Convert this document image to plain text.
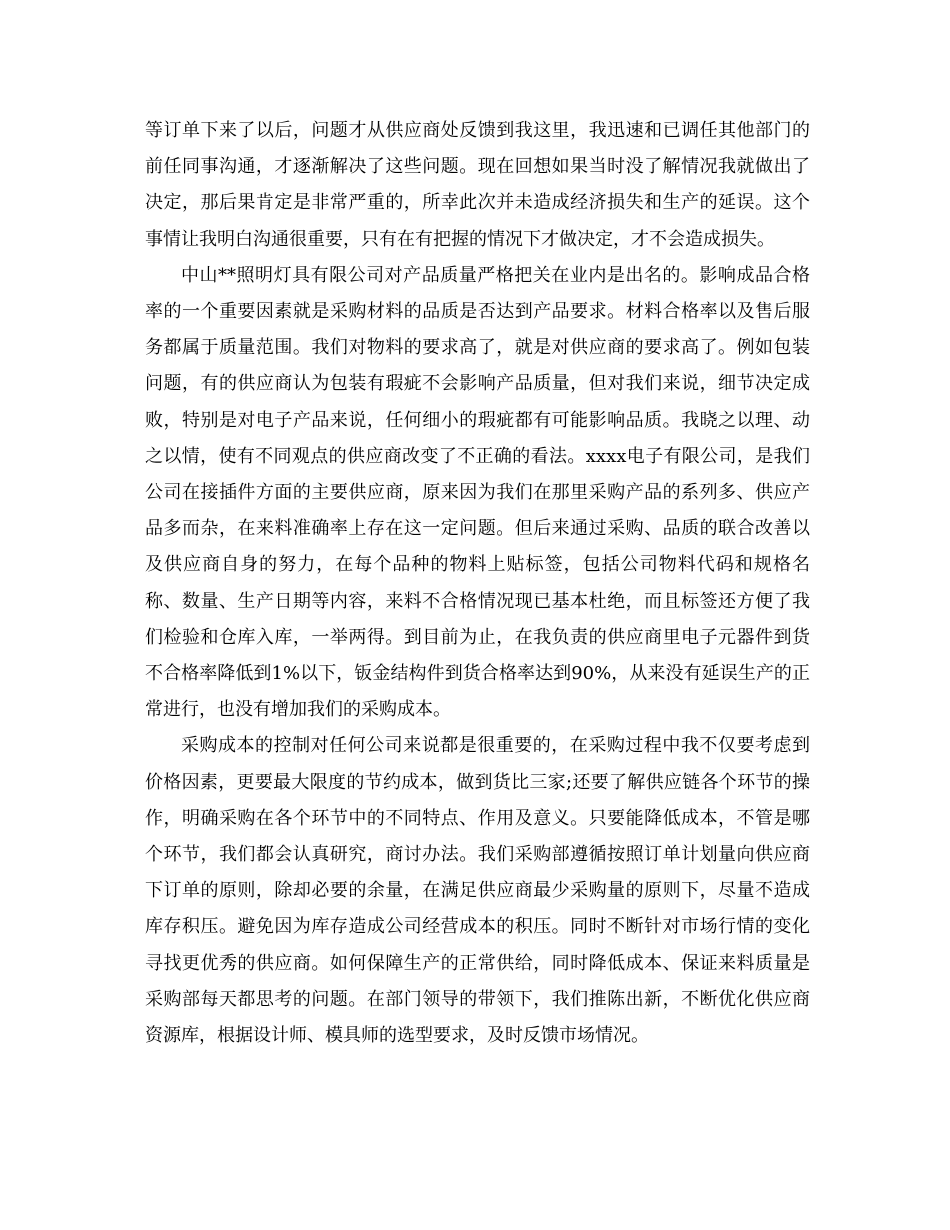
等订单下来了以后，问题才从供应商处反馈到我这里，我迅速和已调任其他部门的前任同事沟通，才逐渐解决了这些问题。现在回想如果当时没了解情况我就做出了决定，那后果肯定是非常严重的，所幸此次并未造成经济损失和生产的延误。这个事情让我明白沟通很重要，只有在有把握的情况下才做决定，才不会造成损失。

中山**照明灯具有限公司对产品质量严格把关在业内是出名的。影响成品合格率的一个重要因素就是采购材料的品质是否达到产品要求。材料合格率以及售后服务都属于质量范围。我们对物料的要求高了，就是对供应商的要求高了。例如包装问题，有的供应商认为包装有瑕疵不会影响产品质量，但对我们来说，细节决定成败，特别是对电子产品来说，任何细小的瑕疵都有可能影响品质。我晓之以理、动之以情，使有不同观点的供应商改变了不正确的看法。xxxx电子有限公司，是我们公司在接插件方面的主要供应商，原来因为我们在那里采购产品的系列多、供应产品多而杂，在来料准确率上存在这一定问题。但后来通过采购、品质的联合改善以及供应商自身的努力，在每个品种的物料上贴标签，包括公司物料代码和规格名称、数量、生产日期等内容，来料不合格情况现已基本杜绝，而且标签还方便了我们检验和仓库入库，一举两得。到目前为止，在我负责的供应商里电子元器件到货不合格率降低到1%以下，钣金结构件到货合格率达到90%，从来没有延误生产的正常进行，也没有增加我们的采购成本。

采购成本的控制对任何公司来说都是很重要的，在采购过程中我不仅要考虑到价格因素，更要最大限度的节约成本，做到货比三家;还要了解供应链各个环节的操作，明确采购在各个环节中的不同特点、作用及意义。只要能降低成本，不管是哪个环节，我们都会认真研究，商讨办法。我们采购部遵循按照订单计划量向供应商下订单的原则，除却必要的余量，在满足供应商最少采购量的原则下，尽量不造成库存积压。避免因为库存造成公司经营成本的积压。同时不断针对市场行情的变化寻找更优秀的供应商。如何保障生产的正常供给，同时降低成本、保证来料质量是采购部每天都思考的问题。在部门领导的带领下，我们推陈出新，不断优化供应商资源库，根据设计师、模具师的选型要求，及时反馈市场情况。
